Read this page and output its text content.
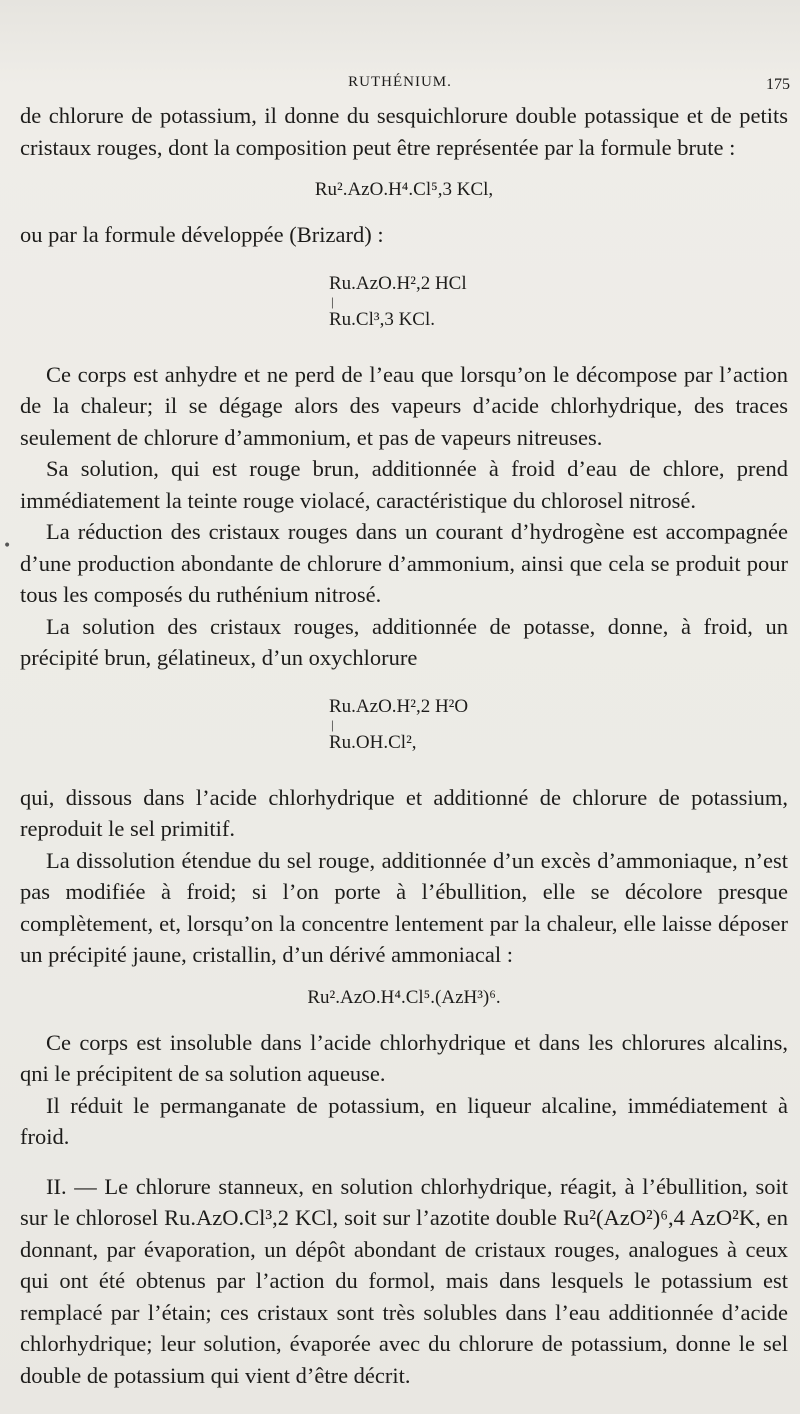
RUTHÉNIUM.	175
•

de chlorure de potassium, il donne du sesquichlorure double potassique et de petits cristaux rouges, dont la composition peut être représentée par la formule brute :

Ru².AzO.H⁴.Cl⁵,3 KCl,

ou par la formule développée (Brizard) :

Ru.AzO.H²,2 HCl
|
Ru.Cl³,3 KCl.

Ce corps est anhydre et ne perd de l’eau que lorsqu’on le décompose par l’action de la chaleur; il se dégage alors des vapeurs d’acide chlorhydrique, des traces seulement de chlorure d’ammonium, et pas de vapeurs nitreuses.

Sa solution, qui est rouge brun, additionnée à froid d’eau de chlore, prend immédiatement la teinte rouge violacé, caractéristique du chlorosel nitrosé.

La réduction des cristaux rouges dans un courant d’hydrogène est accompagnée d’une production abondante de chlorure d’ammonium, ainsi que cela se produit pour tous les composés du ruthénium nitrosé.

La solution des cristaux rouges, additionnée de potasse, donne, à froid, un précipité brun, gélatineux, d’un oxychlorure

Ru.AzO.H²,2 H²O
|
Ru.OH.Cl²,

qui, dissous dans l’acide chlorhydrique et additionné de chlorure de potassium, reproduit le sel primitif.

La dissolution étendue du sel rouge, additionnée d’un excès d’ammoniaque, n’est pas modifiée à froid; si l’on porte à l’ébullition, elle se décolore presque complètement, et, lorsqu’on la concentre lentement par la chaleur, elle laisse déposer un précipité jaune, cristallin, d’un dérivé ammoniacal :

Ru².AzO.H⁴.Cl⁵.(AzH³)⁶.

Ce corps est insoluble dans l’acide chlorhydrique et dans les chlorures alcalins, qni le précipitent de sa solution aqueuse.

Il réduit le permanganate de potassium, en liqueur alcaline, immédiatement à froid.

II. — Le chlorure stanneux, en solution chlorhydrique, réagit, à l’ébullition, soit sur le chlorosel Ru.AzO.Cl³,2 KCl, soit sur l’azotite double Ru²(AzO²)⁶,4 AzO²K, en donnant, par évaporation, un dépôt abondant de cristaux rouges, analogues à ceux qui ont été obtenus par l’action du formol, mais dans lesquels le potassium est remplacé par l’étain; ces cristaux sont très solubles dans l’eau additionnée d’acide chlorhydrique; leur solution, évaporée avec du chlorure de potassium, donne le sel double de potassium qui vient d’être décrit.
